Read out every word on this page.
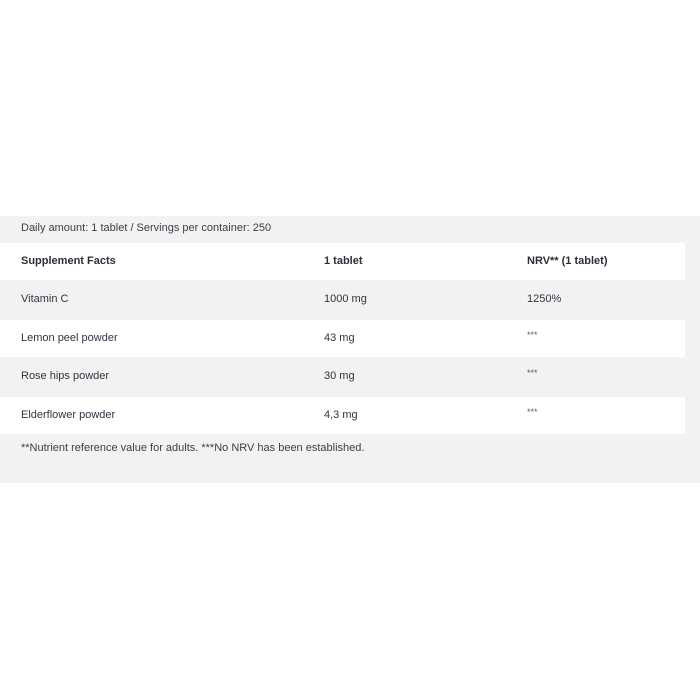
Daily amount: 1 tablet / Servings per container: 250
Supplement Facts	1 tablet	NRV** (1 tablet)
Vitamin C	1000 mg	1250%
Lemon peel powder	43 mg	***
Rose hips powder	30 mg	***
Elderflower powder	4,3 mg	***
**Nutrient reference value for adults. ***No NRV has been established.
